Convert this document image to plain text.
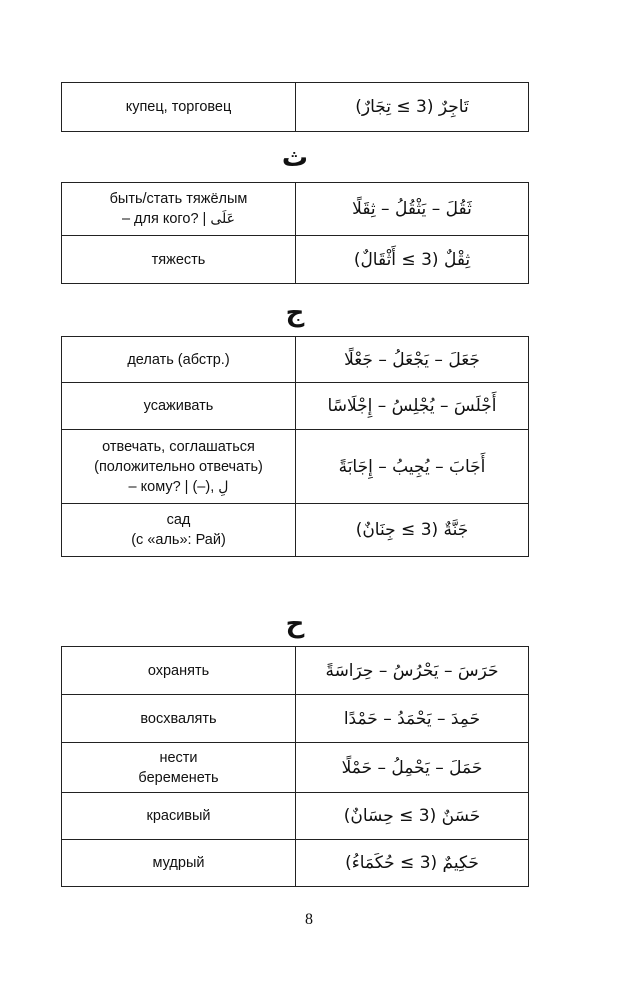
купец, торговец	تَاجِرٌ (3 ≥ تِجَارٌ)
ث
быть/стать тяжёлым
– для кого? | عَلَى	ثَقُلَ – يَثْقُلُ – ثِقَلًا

тяжесть	ثِقْلٌ (3 ≥ أَثْقَالٌ)
ج
делать (абстр.)	جَعَلَ – يَجْعَلُ – جَعْلًا

усаживать	أَجْلَسَ – يُجْلِسُ – إِجْلَاسًا

отвечать, соглашаться
(положительно отвечать)
– кому? | (–), لِ	أَجَابَ – يُجِيبُ – إِجَابَةً

сад
(с «аль»: Рай)	جَنَّةٌ (3 ≥ جِنَانٌ)
ح
охранять	حَرَسَ – يَحْرُسُ – حِرَاسَةً

восхвалять	حَمِدَ – يَحْمَدُ – حَمْدًا

нести
беременеть	حَمَلَ – يَحْمِلُ – حَمْلًا

красивый	حَسَنٌ (3 ≥ حِسَانٌ)

мудрый	حَكِيمٌ (3 ≥ حُكَمَاءُ)
8
